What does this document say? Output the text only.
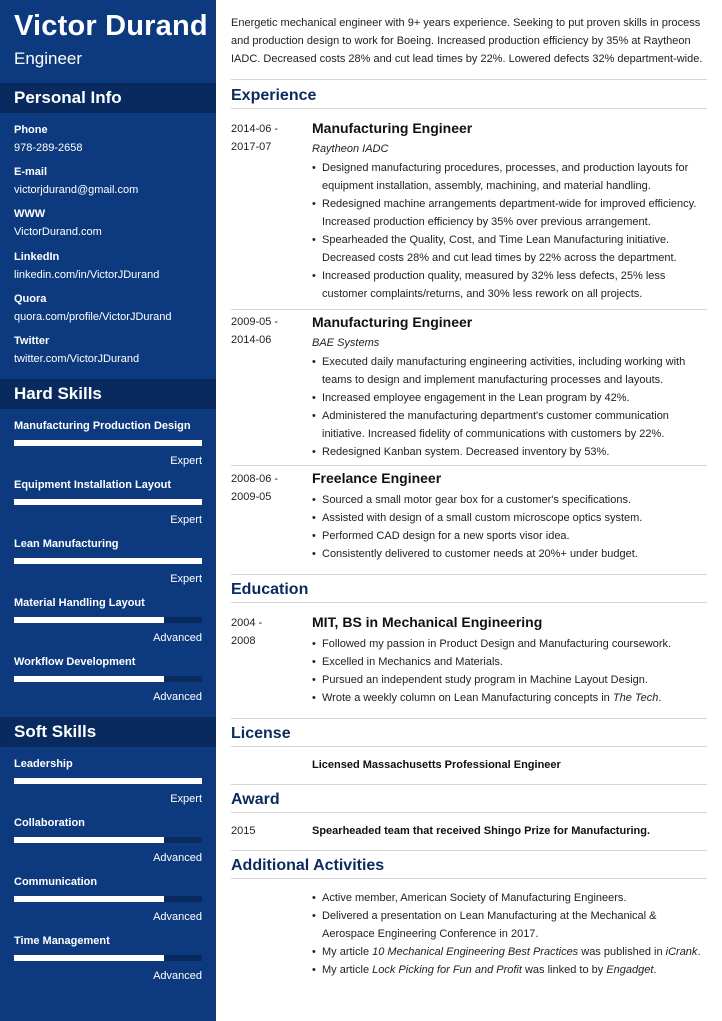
Victor Durand
Engineer
Personal Info
Phone
978-289-2658
E-mail
victorjdurand@gmail.com
WWW
VictorDurand.com
LinkedIn
linkedin.com/in/VictorJDurand
Quora
quora.com/profile/VictorJDurand
Twitter
twitter.com/VictorJDurand
Hard Skills
Manufacturing Production Design
Expert
Equipment Installation Layout
Expert
Lean Manufacturing
Expert
Material Handling Layout
Advanced
Workflow Development
Advanced
Soft Skills
Leadership
Expert
Collaboration
Advanced
Communication
Advanced
Time Management
Advanced
Energetic mechanical engineer with 9+ years experience. Seeking to put proven skills in process and production design to work for Boeing. Increased production efficiency by 35% at Raytheon IADC. Decreased costs 28% and cut lead times by 22%. Lowered defects 32% department-wide.
Experience
2014-06 -
2017-07
Manufacturing Engineer
Raytheon IADC
• Designed manufacturing procedures, processes, and production layouts for equipment installation, assembly, machining, and material handling.
• Redesigned machine arrangements department-wide for improved efficiency. Increased production efficiency by 35% over previous arrangement.
• Spearheaded the Quality, Cost, and Time Lean Manufacturing initiative. Decreased costs 28% and cut lead times by 22% across the department.
• Increased production quality, measured by 32% less defects, 25% less customer complaints/returns, and 30% less rework on all projects.
2009-05 -
2014-06
Manufacturing Engineer
BAE Systems
• Executed daily manufacturing engineering activities, including working with teams to design and implement manufacturing processes and layouts.
• Increased employee engagement in the Lean program by 42%.
• Administered the manufacturing department's customer communication initiative. Increased fidelity of communications with customers by 22%.
• Redesigned Kanban system. Decreased inventory by 53%.
2008-06 -
2009-05
Freelance Engineer
• Sourced a small motor gear box for a customer's specifications.
• Assisted with design of a small custom microscope optics system.
• Performed CAD design for a new sports visor idea.
• Consistently delivered to customer needs at 20%+ under budget.
Education
2004 -
2008
MIT, BS in Mechanical Engineering
• Followed my passion in Product Design and Manufacturing coursework.
• Excelled in Mechanics and Materials.
• Pursued an independent study program in Machine Layout Design.
• Wrote a weekly column on Lean Manufacturing concepts in The Tech.
License
Licensed Massachusetts Professional Engineer
Award
2015	Spearheaded team that received Shingo Prize for Manufacturing.
Additional Activities
• Active member, American Society of Manufacturing Engineers.
• Delivered a presentation on Lean Manufacturing at the Mechanical & Aerospace Engineering Conference in 2017.
• My article 10 Mechanical Engineering Best Practices was published in iCrank.
• My article Lock Picking for Fun and Profit was linked to by Engadget.
